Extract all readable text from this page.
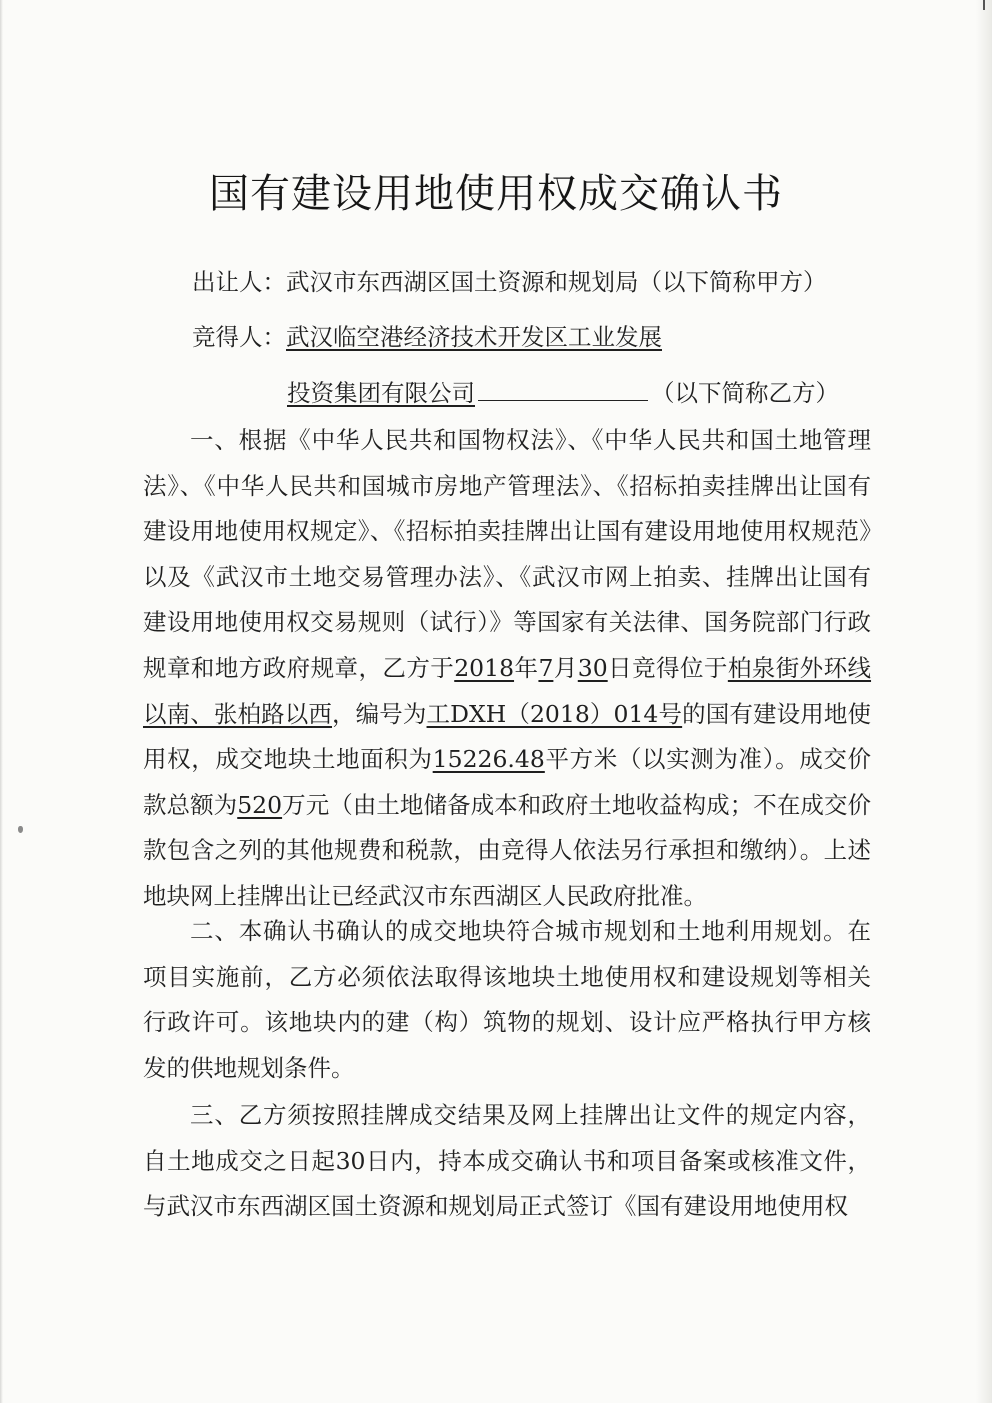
国有建设用地使用权成交确认书
出让人：武汉市东西湖区国土资源和规划局（以下简称甲方）
竞得人：武汉临空港经济技术开发区工业发展
投资集团有限公司	（以下简称乙方）
一、根据《中华人民共和国物权法》、《中华人民共和国土地管理法》、《中华人民共和国城市房地产管理法》、《招标拍卖挂牌出让国有建设用地使用权规定》、《招标拍卖挂牌出让国有建设用地使用权规范》以及《武汉市土地交易管理办法》、《武汉市网上拍卖、挂牌出让国有建设用地使用权交易规则（试行）》等国家有关法律、国务院部门行政规章和地方政府规章，乙方于2018年7月30日竞得位于柏泉街外环线以南、张柏路以西，编号为工DXH（2018）014号的国有建设用地使用权，成交地块土地面积为15226.48平方米（以实测为准）。成交价款总额为520万元（由土地储备成本和政府土地收益构成；不在成交价款包含之列的其他规费和税款，由竞得人依法另行承担和缴纳）。上述地块网上挂牌出让已经武汉市东西湖区人民政府批准。
二、本确认书确认的成交地块符合城市规划和土地利用规划。在项目实施前，乙方必须依法取得该地块土地使用权和建设规划等相关行政许可。该地块内的建（构）筑物的规划、设计应严格执行甲方核发的供地规划条件。
三、乙方须按照挂牌成交结果及网上挂牌出让文件的规定内容，自土地成交之日起30日内，持本成交确认书和项目备案或核准文件，与武汉市东西湖区国土资源和规划局正式签订《国有建设用地使用权
